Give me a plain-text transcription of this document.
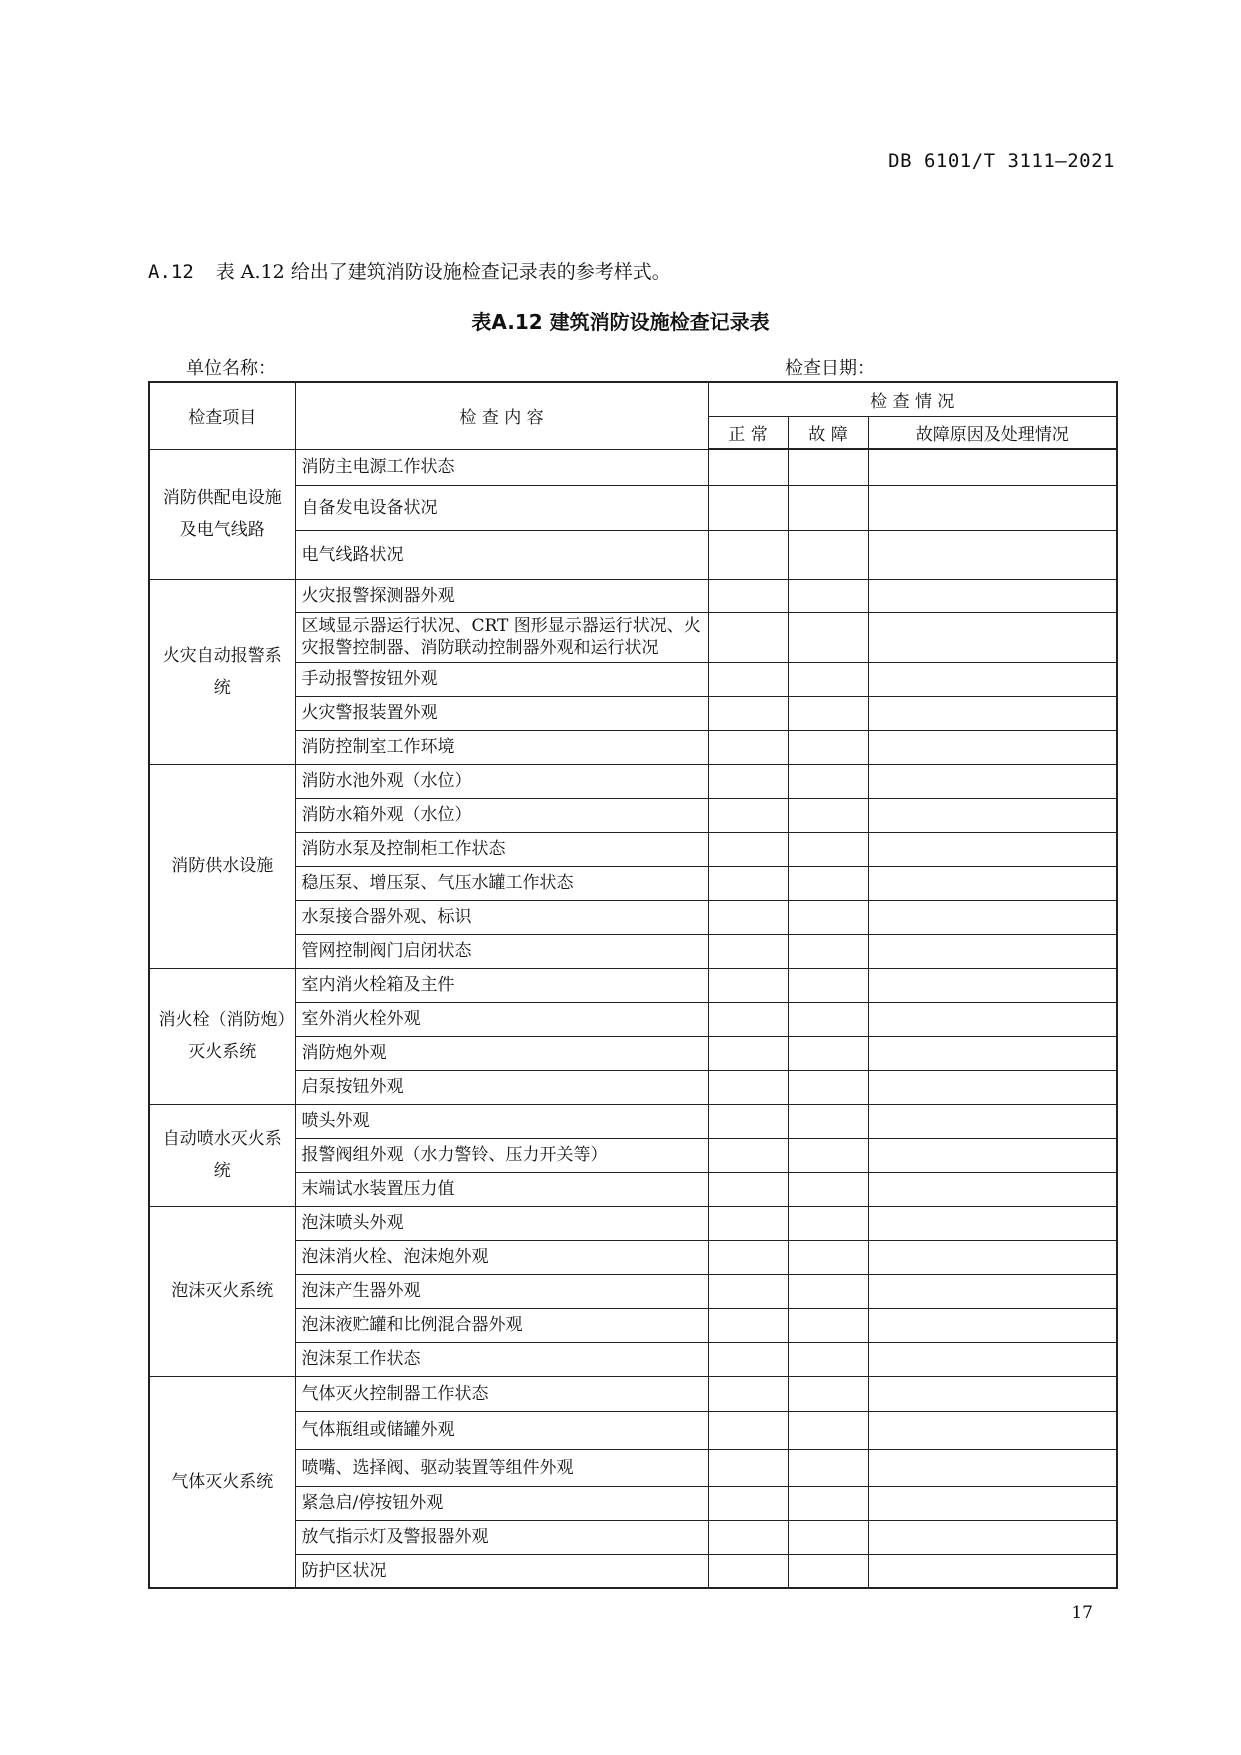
DB 6101/T 3111—2021
A.12 表 A.12 给出了建筑消防设施检查记录表的参考样式。
表A.12 建筑消防设施检查记录表
单位名称：	检查日期：
检查项目	检 查 内 容	检 查 情 况		
		正 常	故 障	故障原因及处理情况
消防供配电设施及电气线路	消防主电源工作状态			
	自备发电设备状况			
	电气线路状况			
火灾自动报警系统	火灾报警探测器外观			
	区域显示器运行状况、CRT 图形显示器运行状况、火灾报警控制器、消防联动控制器外观和运行状况			
	手动报警按钮外观			
	火灾警报装置外观			
	消防控制室工作环境			
消防供水设施	消防水池外观（水位）			
	消防水箱外观（水位）			
	消防水泵及控制柜工作状态			
	稳压泵、增压泵、气压水罐工作状态			
	水泵接合器外观、标识			
	管网控制阀门启闭状态			
消火栓（消防炮）灭火系统	室内消火栓箱及主件			
	室外消火栓外观			
	消防炮外观			
	启泵按钮外观			
自动喷水灭火系统	喷头外观			
	报警阀组外观（水力警铃、压力开关等）			
	末端试水装置压力值			
泡沫灭火系统	泡沫喷头外观			
	泡沫消火栓、泡沫炮外观			
	泡沫产生器外观			
	泡沫液贮罐和比例混合器外观			
	泡沫泵工作状态			
气体灭火系统	气体灭火控制器工作状态			
	气体瓶组或储罐外观			
	喷嘴、选择阀、驱动装置等组件外观			
	紧急启/停按钮外观			
	放气指示灯及警报器外观			
	防护区状况			
17
